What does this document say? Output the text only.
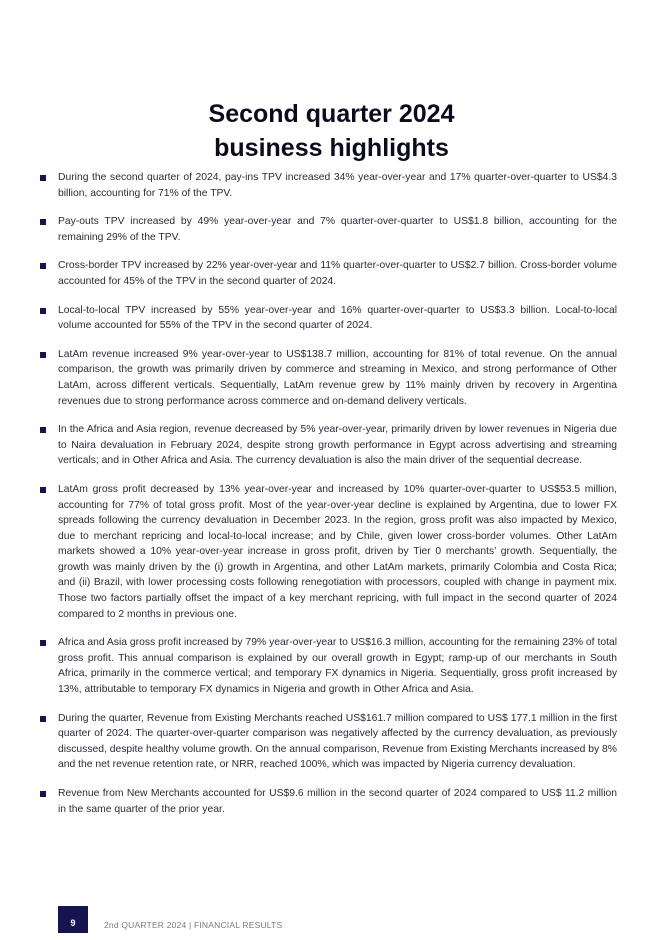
Second quarter 2024
business highlights
During the second quarter of 2024, pay-ins TPV increased 34% year-over-year and 17% quarter-over-quarter to US$4.3 billion, accounting for 71% of the TPV.
Pay-outs TPV increased by 49% year-over-year and 7% quarter-over-quarter to US$1.8 billion, accounting for the remaining 29% of the TPV.
Cross-border TPV increased by 22% year-over-year and 11% quarter-over-quarter to US$2.7 billion. Cross-border volume accounted for 45% of the TPV in the second quarter of 2024.
Local-to-local TPV increased by 55% year-over-year and 16% quarter-over-quarter to US$3.3 billion. Local-to-local volume accounted for 55% of the TPV in the second quarter of 2024.
LatAm revenue increased 9% year-over-year to US$138.7 million, accounting for 81% of total revenue. On the annual comparison, the growth was primarily driven by commerce and streaming in Mexico, and strong performance of Other LatAm, across different verticals. Sequentially, LatAm revenue grew by 11% mainly driven by recovery in Argentina revenues due to strong performance across commerce and on-demand delivery verticals.
In the Africa and Asia region, revenue decreased by 5% year-over-year, primarily driven by lower revenues in Nigeria due to Naira devaluation in February 2024, despite strong growth performance in Egypt across advertising and streaming verticals; and in Other Africa and Asia. The currency devaluation is also the main driver of the sequential decrease.
LatAm gross profit decreased by 13% year-over-year and increased by 10% quarter-over-quarter to US$53.5 million, accounting for 77% of total gross profit. Most of the year-over-year decline is explained by Argentina, due to lower FX spreads following the currency devaluation in December 2023. In the region, gross profit was also impacted by Mexico, due to merchant repricing and local-to-local increase; and by Chile, given lower cross-border volumes. Other LatAm markets showed a 10% year-over-year increase in gross profit, driven by Tier 0 merchants’ growth. Sequentially, the growth was mainly driven by the (i) growth in Argentina, and other LatAm markets, primarily Colombia and Costa Rica; and (ii) Brazil, with lower processing costs following renegotiation with processors, coupled with change in payment mix. Those two factors partially offset the impact of a key merchant repricing, with full impact in the second quarter of 2024 compared to 2 months in previous one.
Africa and Asia gross profit increased by 79% year-over-year to US$16.3 million, accounting for the remaining 23% of total gross profit. This annual comparison is explained by our overall growth in Egypt; ramp-up of our merchants in South Africa, primarily in the commerce vertical; and temporary FX dynamics in Nigeria. Sequentially, gross profit increased by 13%, attributable to temporary FX dynamics in Nigeria and growth in Other Africa and Asia.
During the quarter, Revenue from Existing Merchants reached US$161.7 million compared to US$ 177.1 million in the first quarter of 2024. The quarter-over-quarter comparison was negatively affected by the currency devaluation, as previously discussed, despite healthy volume growth. On the annual comparison, Revenue from Existing Merchants increased by 8% and the net revenue retention rate, or NRR, reached 100%, which was impacted by Nigeria currency devaluation.
Revenue from New Merchants accounted for US$9.6 million in the second quarter of 2024 compared to US$ 11.2 million in the same quarter of the prior year.
9	2nd QUARTER 2024 | FINANCIAL RESULTS
